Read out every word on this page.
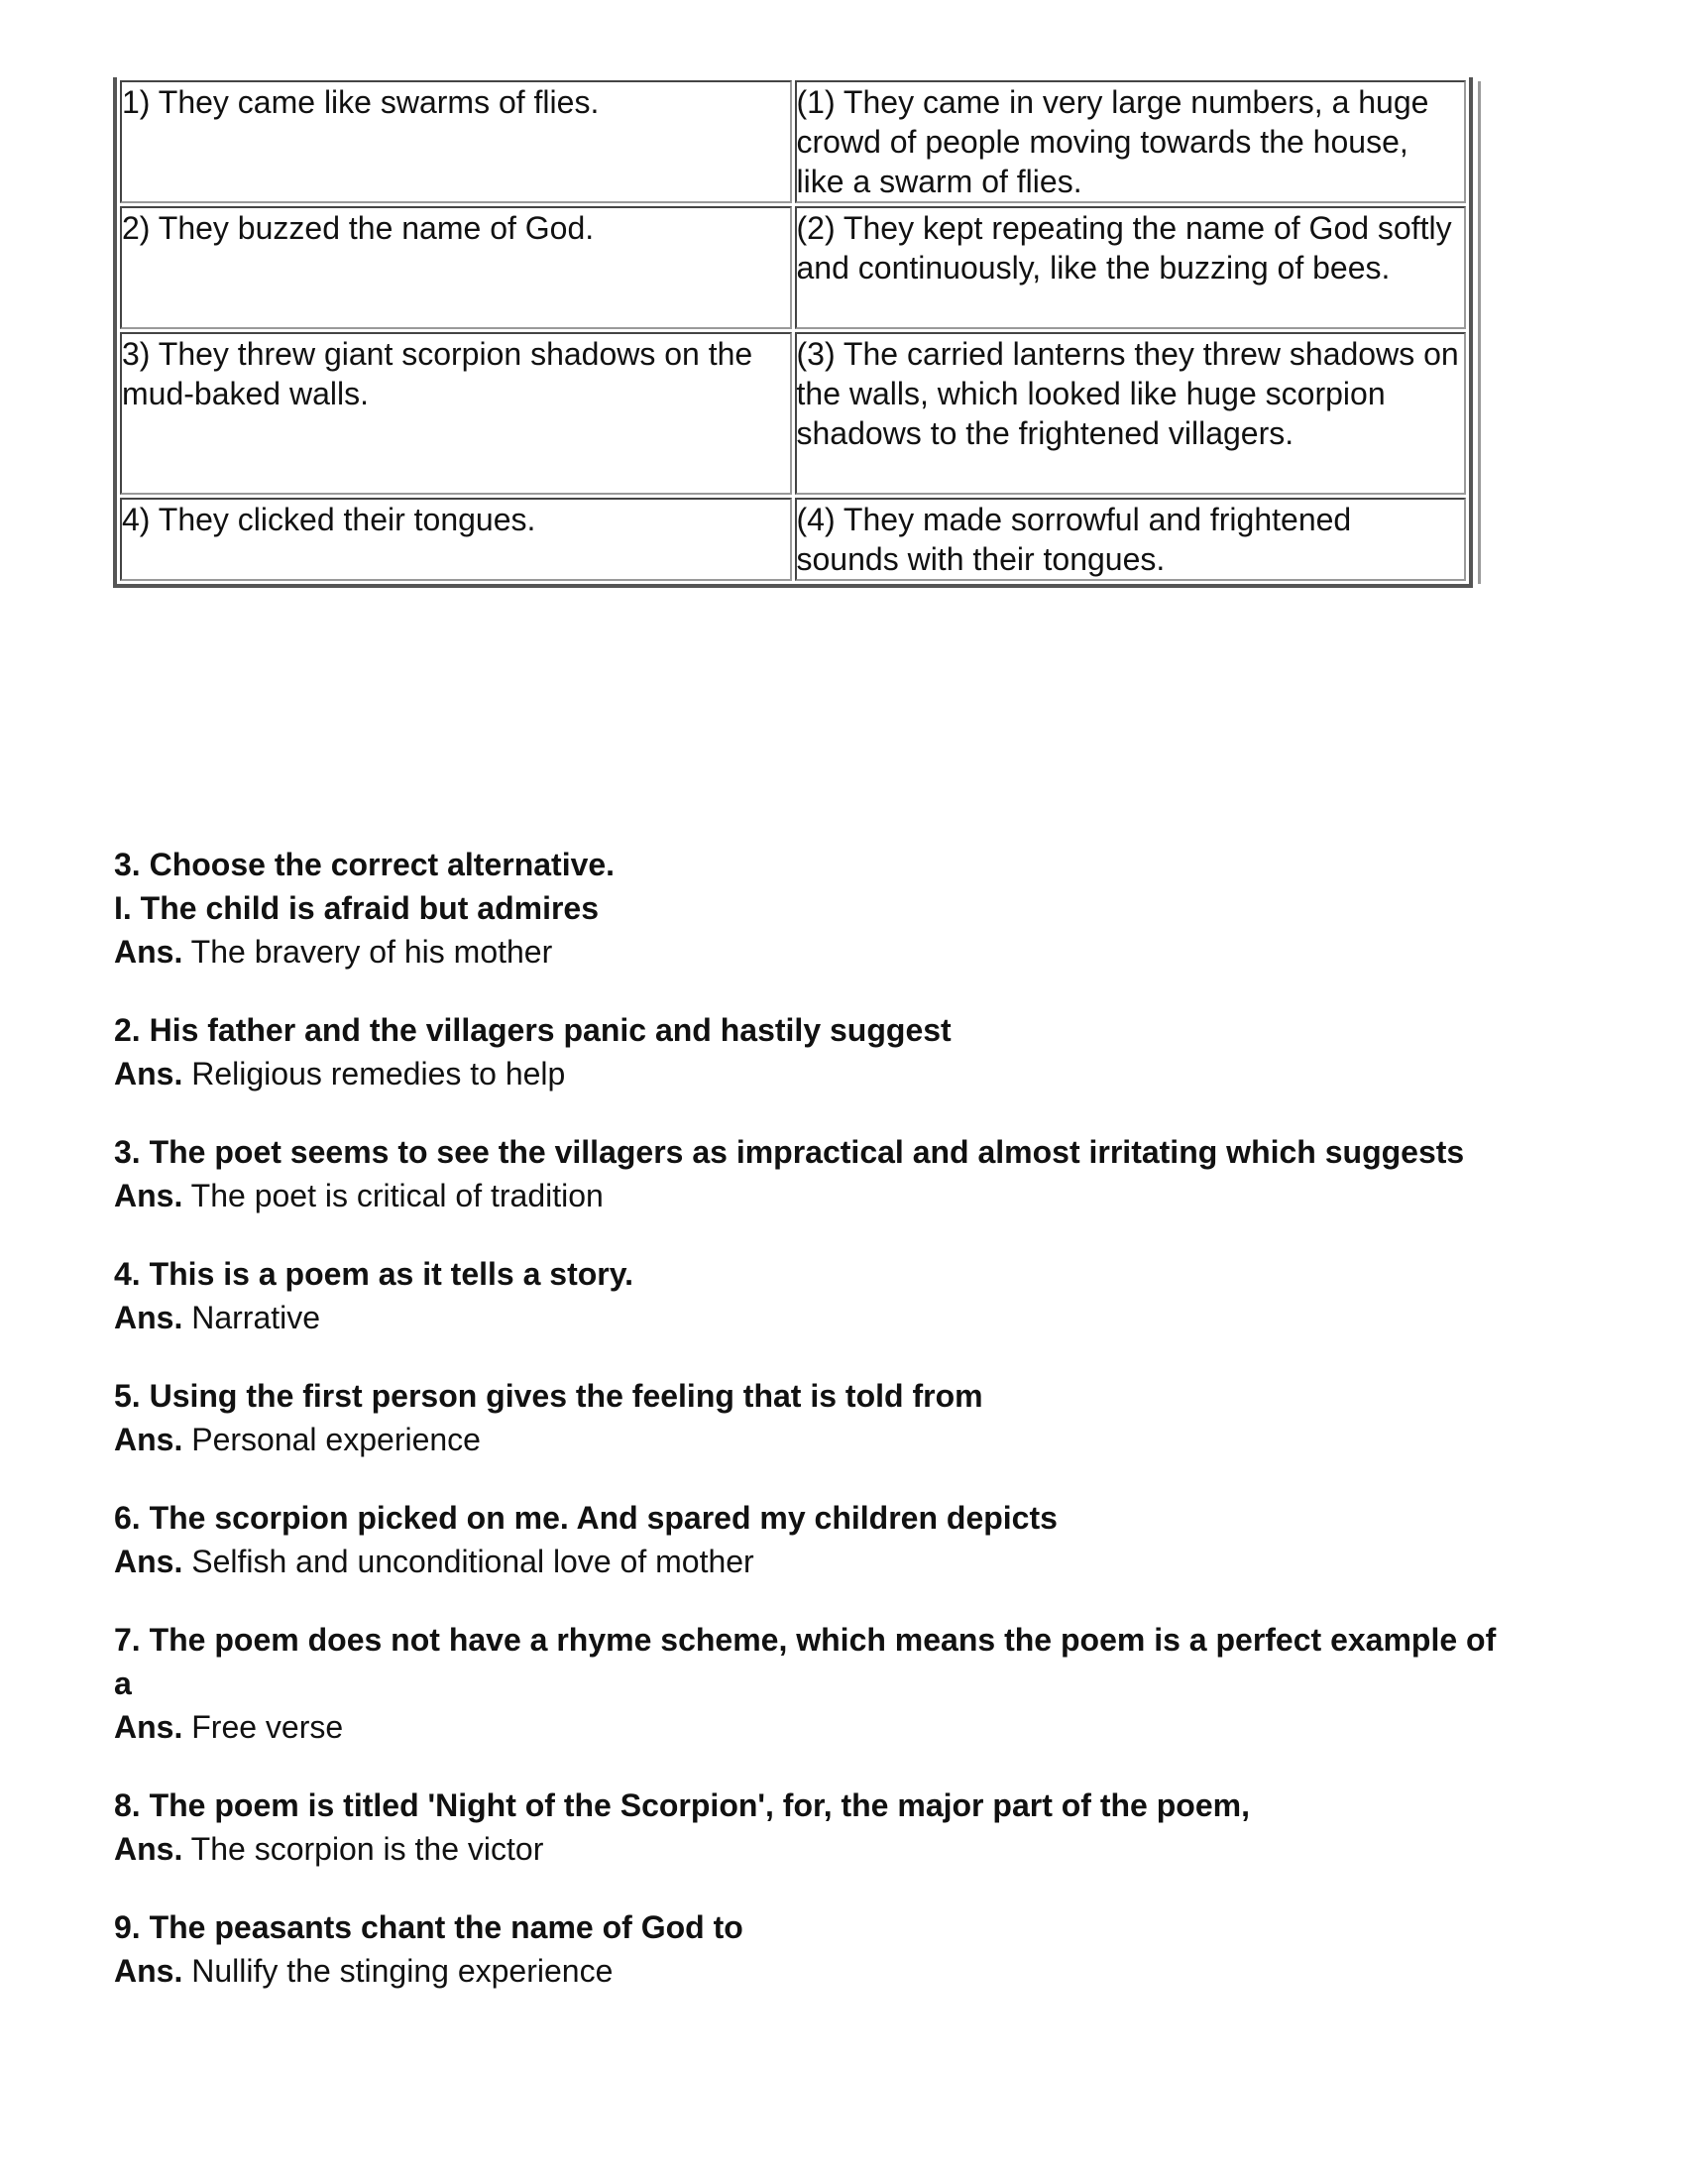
1) They came like swarms of flies.	(1) They came in very large numbers, a huge crowd of people moving towards the house, like a swarm of flies.
2) They buzzed the name of God.	(2) They kept repeating the name of God softly and continuously, like the buzzing of bees.
3) They threw giant scorpion shadows on the mud-baked walls.	(3) The carried lanterns they threw shadows on the walls, which looked like huge scorpion shadows to the frightened villagers.
4) They clicked their tongues.	(4) They made sorrowful and frightened sounds with their tongues.

3. Choose the correct alternative.

I. The child is afraid but admires

Ans. The bravery of his mother

2. His father and the villagers panic and hastily suggest

Ans. Religious remedies to help

3. The poet seems to see the villagers as impractical and almost irritating which suggests

Ans. The poet is critical of tradition

4. This is a poem as it tells a story.

Ans. Narrative

5. Using the first person gives the feeling that is told from

Ans. Personal experience

6. The scorpion picked on me. And spared my children depicts

Ans. Selfish and unconditional love of mother

7. The poem does not have a rhyme scheme, which means the poem is a perfect example of a

Ans. Free verse

8. The poem is titled 'Night of the Scorpion', for, the major part of the poem,

Ans. The scorpion is the victor

9. The peasants chant the name of God to

Ans. Nullify the stinging experience
